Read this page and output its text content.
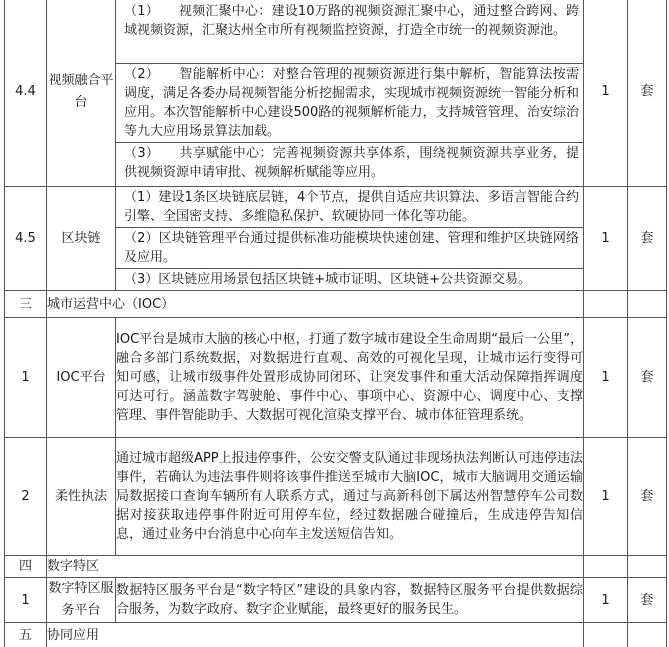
4.4	视频融合平台	（1）　　视频汇聚中心：建设10万路的视频资源汇聚中心，通过整合跨网、跨域视频资源，汇聚达州全市所有视频监控资源，打造全市统一的视频资源池。
（2）　　智能解析中心：对整合管理的视频资源进行集中解析，智能算法按需调度，满足各委办局视频智能分析挖掘需求，实现城市视频资源统一智能分析和应用。本次智能解析中心建设500路的视频解析能力，支持城管管理、治安综治等九大应用场景算法加载。
（3）　　共享赋能中心：完善视频资源共享体系，围绕视频资源共享业务，提供视频资源申请审批、视频解析赋能等应用。	1	套
4.5	区块链	（1）建设1条区块链底层链，4个节点，提供自适应共识算法、多语言智能合约引擎、全国密支持、多维隐私保护、软硬协同一体化等功能。
（2）区块链管理平台通过提供标准功能模块快速创建、管理和维护区块链网络及应用。
（3）区块链应用场景包括区块链+城市证明、区块链+公共资源交易。	1	套
三	城市运营中心（IOC）			
1	IOC平台	IOC平台是城市大脑的核心中枢，打通了数字城市建设全生命周期“最后一公里”，融合多部门系统数据，对数据进行直观、高效的可视化呈现，让城市运行变得可知可感，让城市级事件处置形成协同闭环、让突发事件和重大活动保障指挥调度可达可行。涵盖数字驾驶舱、事件中心、事项中心、资源中心、调度中心、支撑管理、事件智能助手、大数据可视化渲染支撑平台、城市体征管理系统。	1	套
2	柔性执法	通过城市超级APP上报违停事件，公安交警支队通过非现场执法判断认可违停违法事件，若确认为违法事件则将该事件推送至城市大脑IOC，城市大脑调用交通运输局数据接口查询车辆所有人联系方式，通过与高新科创下属达州智慧停车公司数据对接获取违停事件附近可用停车位，经过数据融合碰撞后，生成违停告知信息，通过业务中台消息中心向车主发送短信告知。	1	套
四	数字特区			
1	数字特区服务平台	数据特区服务平台是“数字特区”建设的具象内容，数据特区服务平台提供数据综合服务，为数字政府、数字企业赋能，最终更好的服务民生。	1	套
五	协同应用			
